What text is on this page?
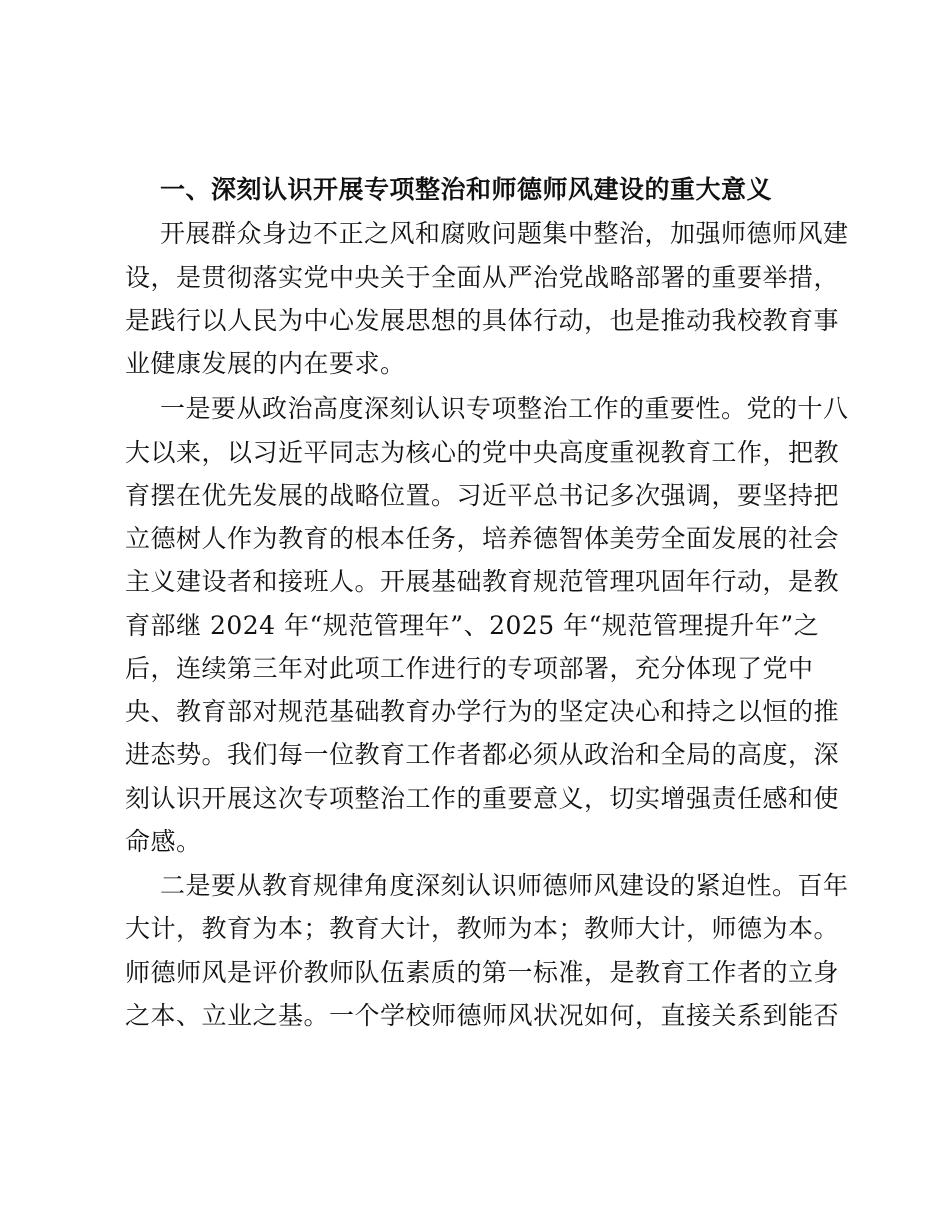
一、深刻认识开展专项整治和师德师风建设的重大意义
开展群众身边不正之风和腐败问题集中整治，加强师德师风建
设，是贯彻落实党中央关于全面从严治党战略部署的重要举措，
是践行以人民为中心发展思想的具体行动，也是推动我校教育事
业健康发展的内在要求。
一是要从政治高度深刻认识专项整治工作的重要性。党的十八
大以来，以习近平同志为核心的党中央高度重视教育工作，把教
育摆在优先发展的战略位置。习近平总书记多次强调，要坚持把
立德树人作为教育的根本任务，培养德智体美劳全面发展的社会
主义建设者和接班人。开展基础教育规范管理巩固年行动，是教
育部继 2024 年“规范管理年”、2025 年“规范管理提升年”之
后，连续第三年对此项工作进行的专项部署，充分体现了党中
央、教育部对规范基础教育办学行为的坚定决心和持之以恒的推
进态势。我们每一位教育工作者都必须从政治和全局的高度，深
刻认识开展这次专项整治工作的重要意义，切实增强责任感和使
命感。
二是要从教育规律角度深刻认识师德师风建设的紧迫性。百年
大计，教育为本；教育大计，教师为本；教师大计，师德为本。
师德师风是评价教师队伍素质的第一标准，是教育工作者的立身
之本、立业之基。一个学校师德师风状况如何，直接关系到能否
